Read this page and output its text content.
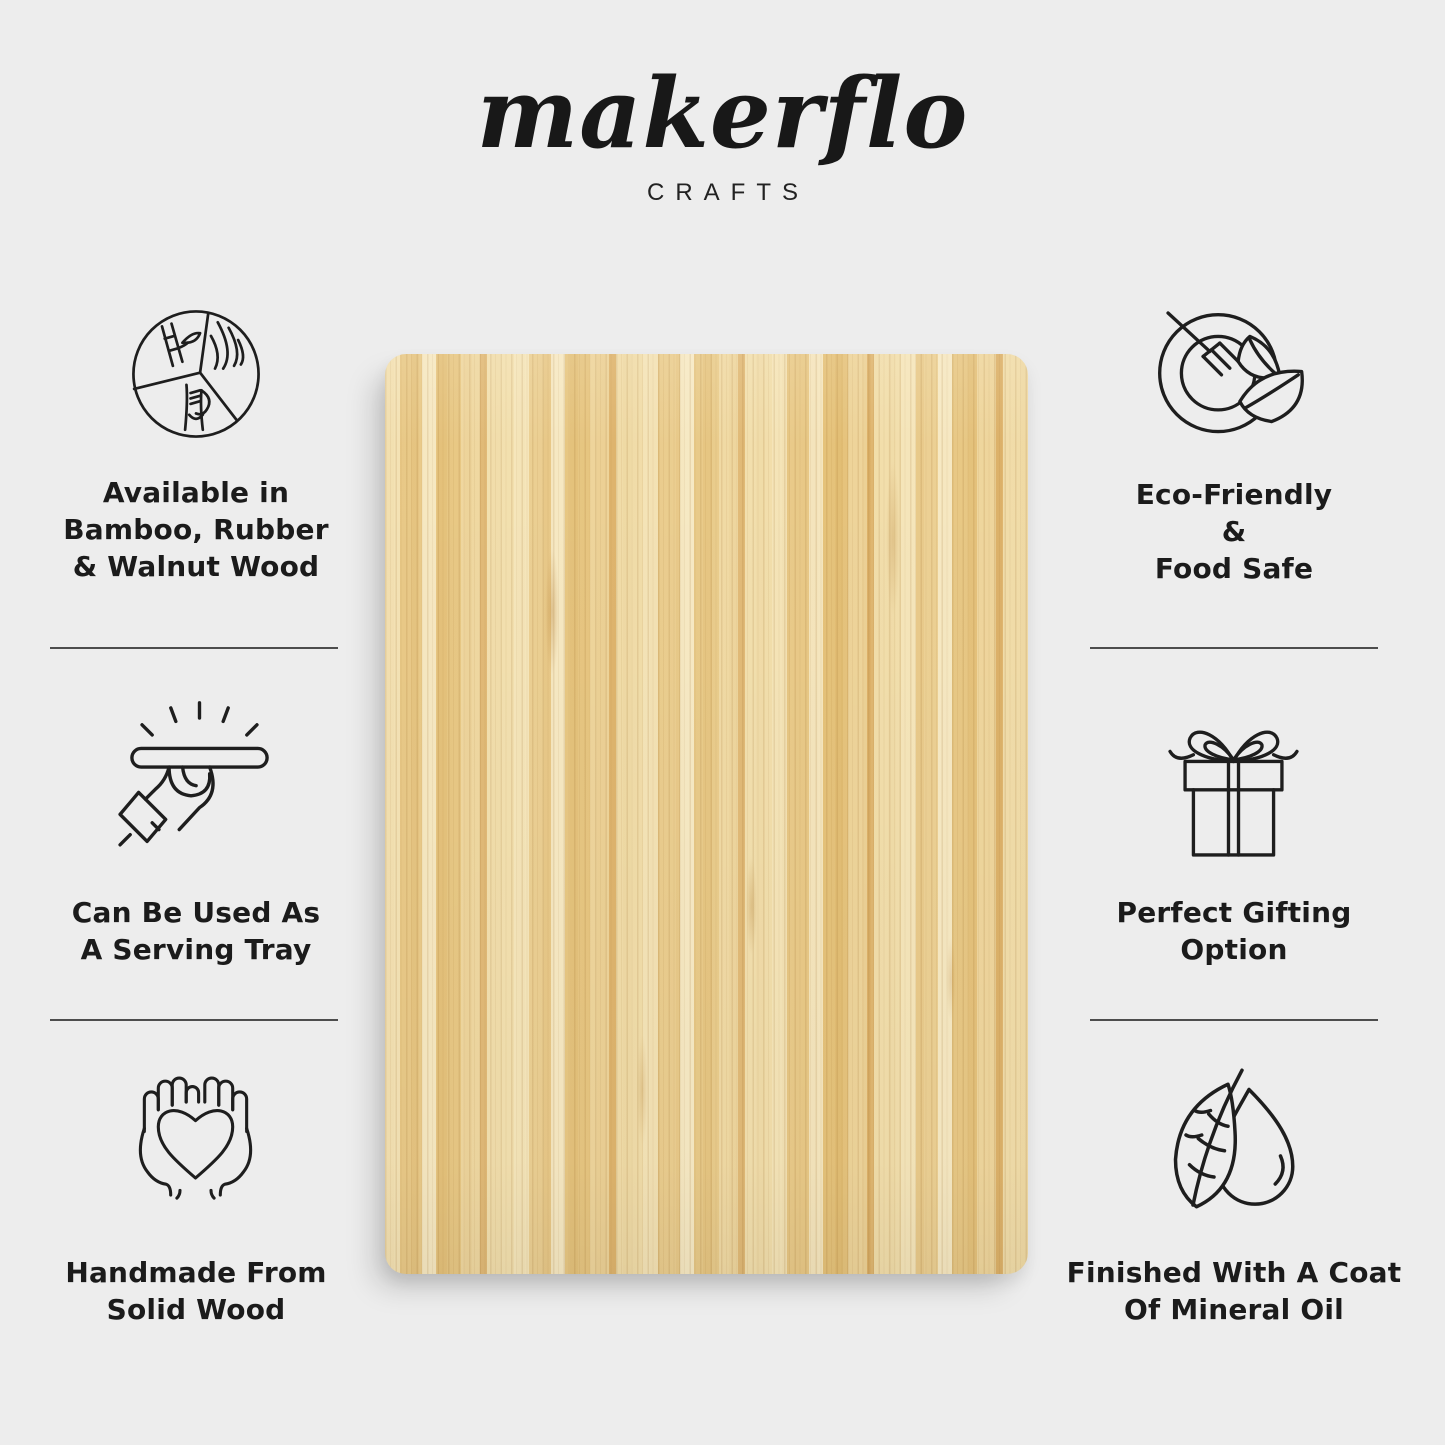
makerflo
CRAFTS
Available in
Bamboo, Rubber
& Walnut Wood
Can Be Used As
A Serving Tray
Handmade From
Solid Wood
Eco-Friendly
&
Food Safe
Perfect Gifting
Option
Finished With A Coat
Of Mineral Oil
